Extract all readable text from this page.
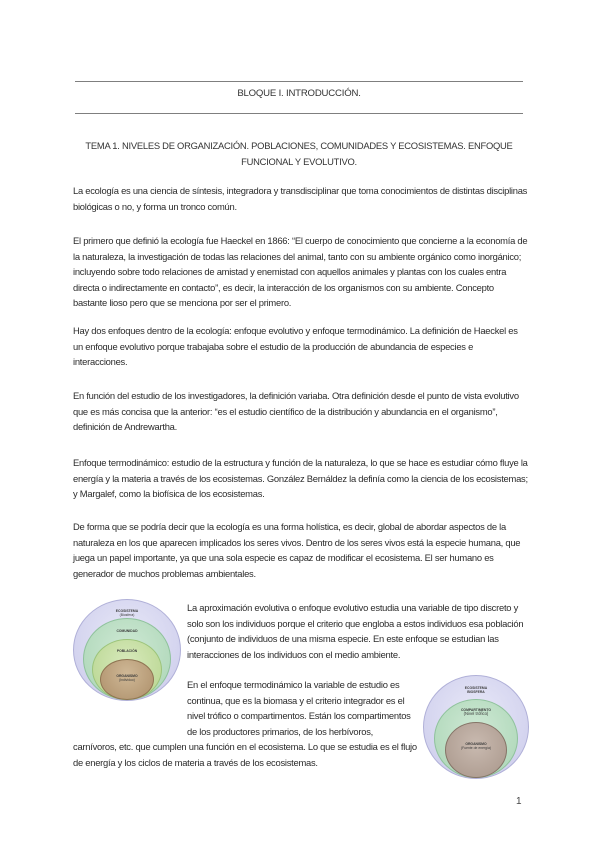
BLOQUE I. INTRODUCCIÓN.
TEMA 1. NIVELES DE ORGANIZACIÓN. POBLACIONES, COMUNIDADES Y ECOSISTEMAS. ENFOQUE FUNCIONAL Y EVOLUTIVO.

La ecología es una ciencia de síntesis, integradora y transdisciplinar que toma conocimientos de distintas disciplinas biológicas o no, y forma un tronco común.

El primero que definió la ecología fue Haeckel en 1866: “El cuerpo de conocimiento que concierne a la economía de la naturaleza, la investigación de todas las relaciones del animal, tanto con su ambiente orgánico como inorgánico; incluyendo sobre todo relaciones de amistad y enemistad con aquellos animales y plantas con los cuales entra directa o indirectamente en contacto”, es decir, la interacción de los organismos con su ambiente. Concepto bastante lioso pero que se menciona por ser el primero.

Hay dos enfoques dentro de la ecología: enfoque evolutivo y enfoque termodinámico. La definición de Haeckel es un enfoque evolutivo porque trabajaba sobre el estudio de la producción de abundancia de especies e interacciones.

En función del estudio de los investigadores, la definición variaba. Otra definición desde el punto de vista evolutivo que es más concisa que la anterior: “es el estudio científico de la distribución y abundancia en el organismo”, definición de Andrewartha.

Enfoque termodinámico: estudio de la estructura y función de la naturaleza, lo que se hace es estudiar cómo fluye la energía y la materia a través de los ecosistemas. González Bernáldez la definía como la ciencia de los ecosistemas; y Margalef, como la biofísica de los ecosistemas.

De forma que se podría decir que la ecología es una forma holística, es decir, global de abordar aspectos de la naturaleza en los que aparecen implicados los seres vivos. Dentro de los seres vivos está la especie humana, que juega un papel importante, ya que una sola especie es capaz de modificar el ecosistema. El ser humano es generador de muchos problemas ambientales.

ECOSISTEMA
(Biosfera)
COMUNIDAD
POBLACIÓN
ORGANISMO
(Individuo)

La aproximación evolutiva o enfoque evolutivo estudia una variable de tipo discreto y solo son los individuos porque el criterio que engloba a estos individuos esa población (conjunto de individuos de una misma especie. En este enfoque se estudian las interacciones de los individuos con el medio ambiente.

En el enfoque termodinámico la variable de estudio es continua, que es la biomasa y el criterio integrador es el nivel trófico o compartimentos. Están los compartimentos de los productores primarios, de los herbívoros, carnívoros, etc. que cumplen una función en el ecosistema. Lo que se estudia es el flujo de energía y los ciclos de materia a través de los ecosistemas.

ECOSISTEMA
BIOSFERA
COMPARTIMENTO
(Nivel trófico)
ORGANISMO
(Fuente de energía)
1
